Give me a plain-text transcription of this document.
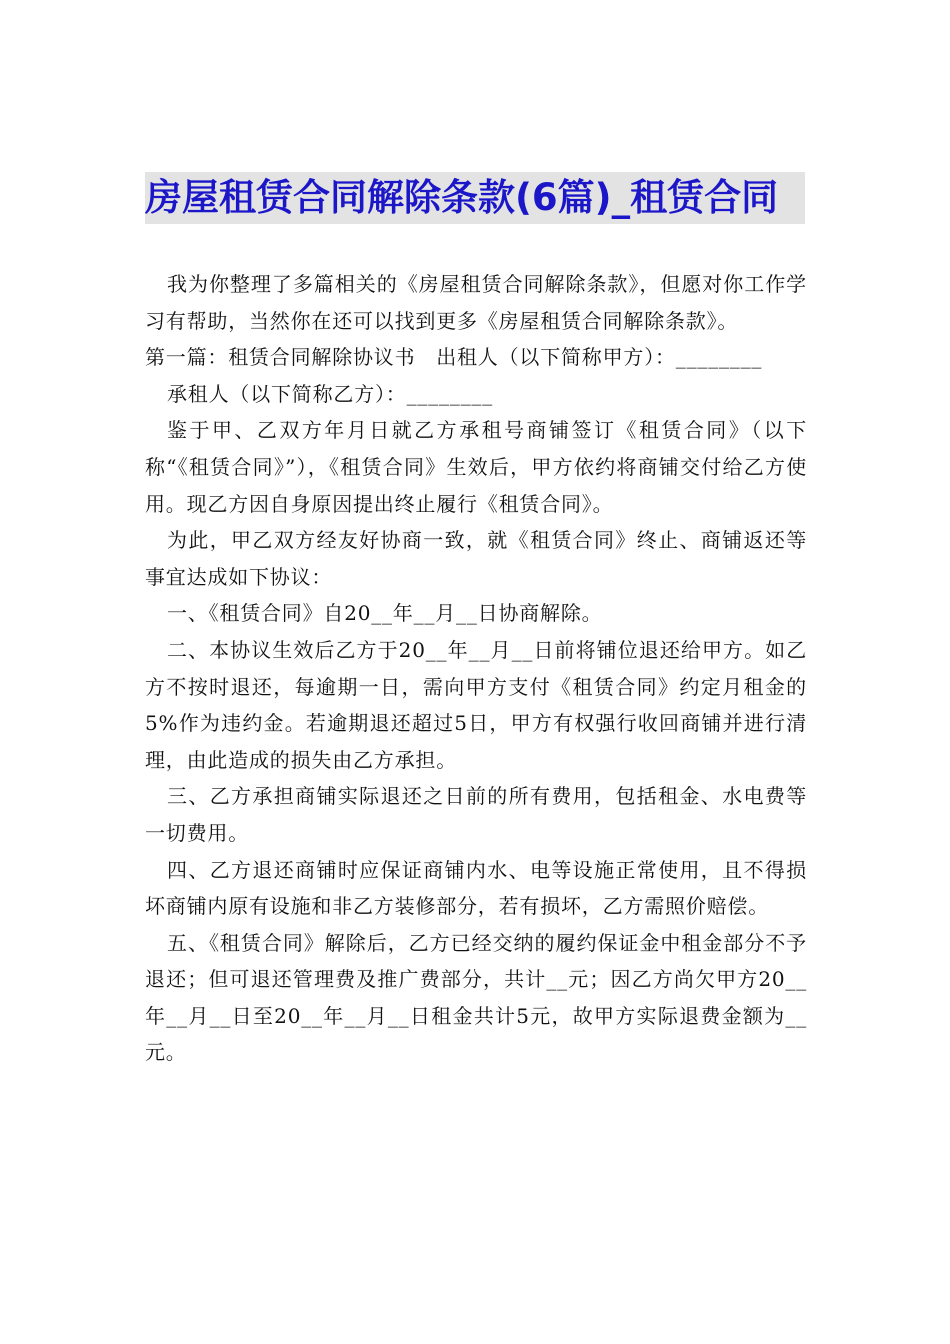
房屋租赁合同解除条款(6篇)_租赁合同

我为你整理了多篇相关的《房屋租赁合同解除条款》，但愿对你工作学习有帮助，当然你在还可以找到更多《房屋租赁合同解除条款》。

第一篇：租赁合同解除协议书　出租人（以下简称甲方）：________

承租人（以下简称乙方）：________

鉴于甲、乙双方年月日就乙方承租号商铺签订《租赁合同》（以下称“《租赁合同》”），《租赁合同》生效后，甲方依约将商铺交付给乙方使用。现乙方因自身原因提出终止履行《租赁合同》。

为此，甲乙双方经友好协商一致，就《租赁合同》终止、商铺返还等事宜达成如下协议：

一、《租赁合同》自20__年__月__日协商解除。

二、本协议生效后乙方于20__年__月__日前将铺位退还给甲方。如乙方不按时退还，每逾期一日，需向甲方支付《租赁合同》约定月租金的5%作为违约金。若逾期退还超过5日，甲方有权强行收回商铺并进行清理，由此造成的损失由乙方承担。

三、乙方承担商铺实际退还之日前的所有费用，包括租金、水电费等一切费用。

四、乙方退还商铺时应保证商铺内水、电等设施正常使用，且不得损坏商铺内原有设施和非乙方装修部分，若有损坏，乙方需照价赔偿。

五、《租赁合同》解除后，乙方已经交纳的履约保证金中租金部分不予退还；但可退还管理费及推广费部分，共计__元；因乙方尚欠甲方20__年__月__日至20__年__月__日租金共计5元，故甲方实际退费金额为__元。
